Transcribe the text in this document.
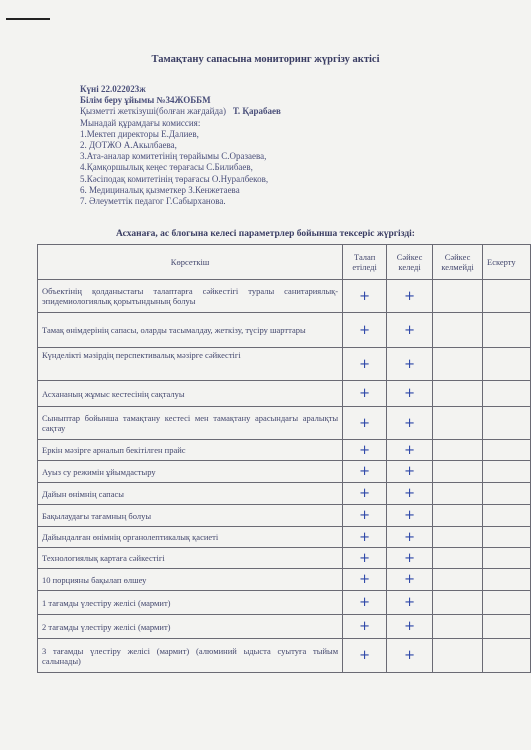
Тамақтану сапасына мониторинг жүргізу актісі
Күні 22.022023ж
Білім беру ұйымы №34ЖОББМ
Қызметті жеткізуші(болған жағдайда) Т. Қарабаев
Мынадай құрамдағы комиссия:
1.Мектеп директоры Е.Далиев,
2. ДОТЖО А.Акылбаева,
3.Ата-аналар комитетінің төрайымы С.Оразаева,
4.Қамқоршылық кеңес төрағасы С.Билибаев,
5.Кәсіподақ комитетінің төрағасы О.Нуралбеков,
6. Медициналық қызметкер З.Кенжетаева
7. Әлеуметтік педагог Г.Сабырханова.
Асханаға, ас блогына келесі параметрлер бойынша тексеріс жүргізді:
Көрсеткіш	Талап етіледі	Сәйкес келеді	Сәйкес келмейді	Ескерту
Объектінің қолданыстағы талаптарға сәйкестігі туралы санитариялық-эпидемиологиялық қорытындының болуы	+	+		
Тамақ өнімдерінің сапасы, оларды тасымалдау, жеткізу, түсіру шарттары	+	+		
Күнделікті мәзірдің перспективалық мәзірге сәйкестігі	+	+		
Асхананың жұмыс кестесінің сақталуы	+	+		
Сыныптар бойынша тамақтану кестесі мен тамақтану арасындағы аралықты сақтау	+	+		
Еркін мәзірге арналып бекітілген прайс	+	+		
Ауыз су режимін ұйымдастыру	+	+		
Дайын өнімнің сапасы	+	+		
Бақылаудағы тағамның болуы	+	+		
Дайындалған өнімнің органолептикалық қасиеті	+	+		
Технологиялық картаға сәйкестігі	+	+		
10 порцияны бақылап өлшеу	+	+		
1 тағамды үлестіру желісі (мармит)	+	+		
2 тағамды үлестіру желісі (мармит)	+	+		
3 тағамды үлестіру желісі (мармит) (алюминий ыдыста суытуға тыйым салынады)	+	+		
